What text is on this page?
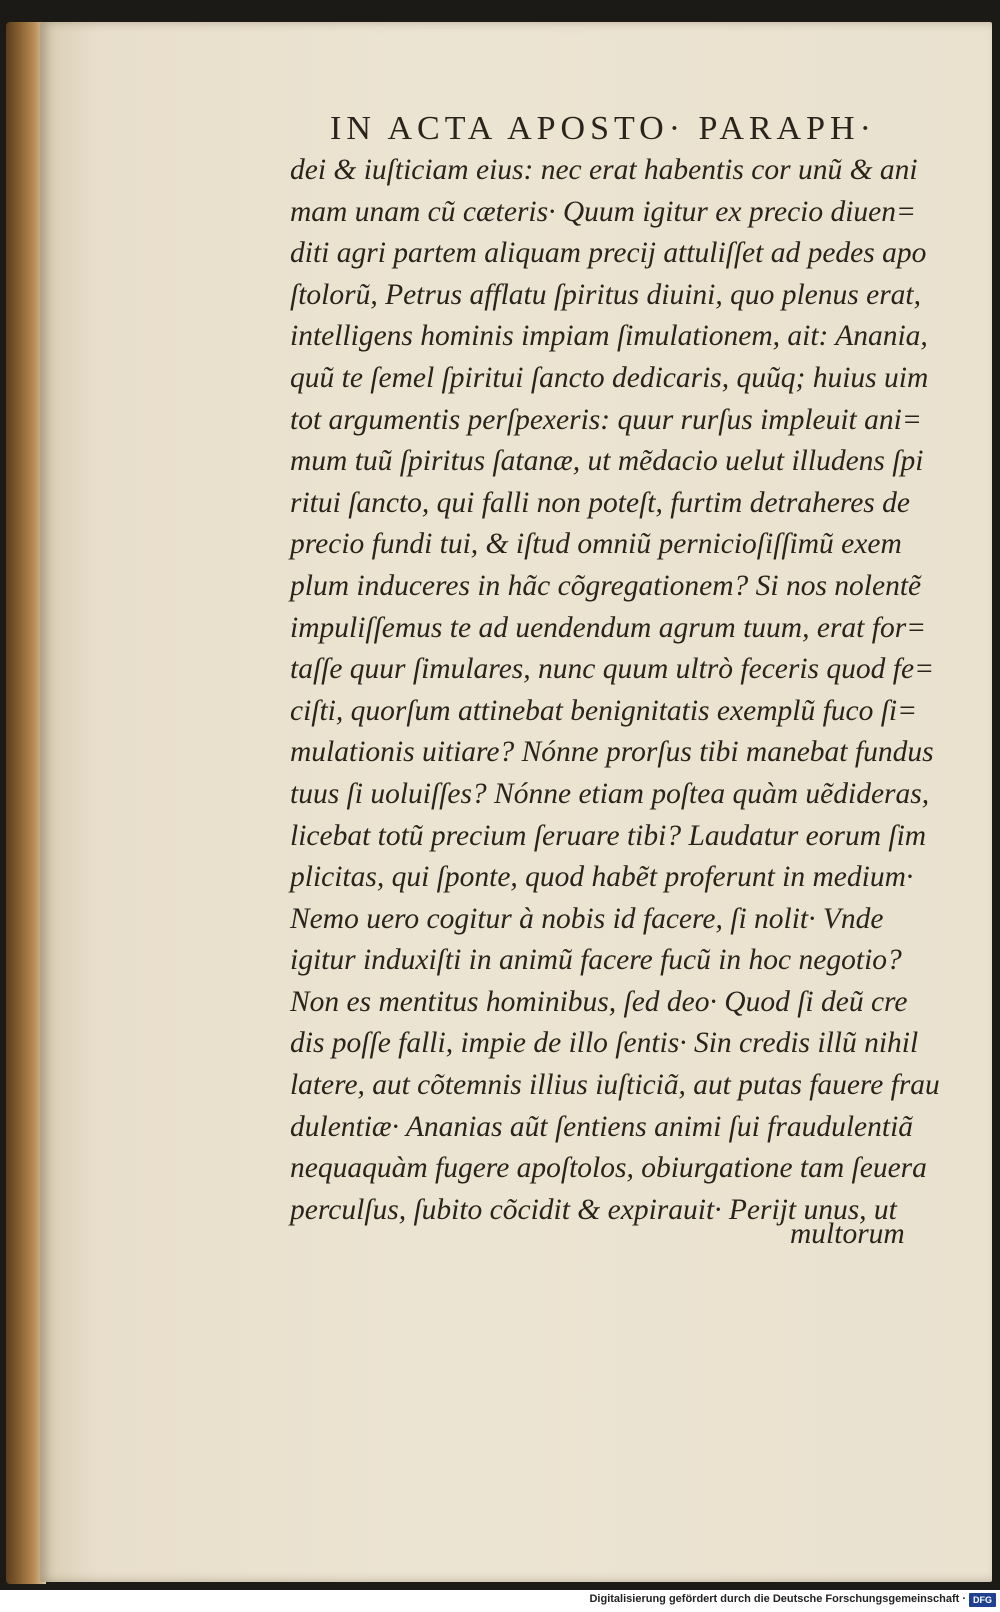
IN ACTA APOSTO· PARAPH·
dei & iuſticiam eius: nec erat habentis cor unũ & ani
mam unam cũ cæteris· Quum igitur ex precio diuen=
diti agri partem aliquam precij attuliſſet ad pedes apo
ſtolorũ, Petrus afflatu ſpiritus diuini, quo plenus erat,
intelligens hominis impiam ſimulationem, ait: Anania,
quũ te ſemel ſpiritui ſancto dedicaris, quũq; huius uim
tot argumentis perſpexeris: quur rurſus impleuit ani=
mum tuũ ſpiritus ſatanæ, ut mẽdacio uelut illudens ſpi
ritui ſancto, qui falli non poteſt, furtim detraheres de
precio fundi tui, & iſtud omniũ pernicioſiſſimũ exem
plum induceres in hãc cõgregationem? Si nos nolentẽ
impuliſſemus te ad uendendum agrum tuum, erat for=
taſſe quur ſimulares, nunc quum ultrò feceris quod fe=
ciſti, quorſum attinebat benignitatis exemplũ fuco ſi=
mulationis uitiare? Nónne prorſus tibi manebat fundus
tuus ſi uoluiſſes? Nónne etiam poſtea quàm uẽdideras,
licebat totũ precium ſeruare tibi? Laudatur eorum ſim
plicitas, qui ſponte, quod habẽt proferunt in medium·
Nemo uero cogitur à nobis id facere, ſi nolit· Vnde
igitur induxiſti in animũ facere fucũ in hoc negotio?
Non es mentitus hominibus, ſed deo· Quod ſi deũ cre
dis poſſe falli, impie de illo ſentis· Sin credis illũ nihil
latere, aut cõtemnis illius iuſticiã, aut putas fauere frau
dulentiæ· Ananias aũt ſentiens animi ſui fraudulentiã
nequaquàm fugere apoſtolos, obiurgatione tam ſeuera
perculſus, ſubito cõcidit & expirauit· Perijt unus, ut
multorum
Digitalisierung gefördert durch die Deutsche Forschungsgemeinschaft · DFG
